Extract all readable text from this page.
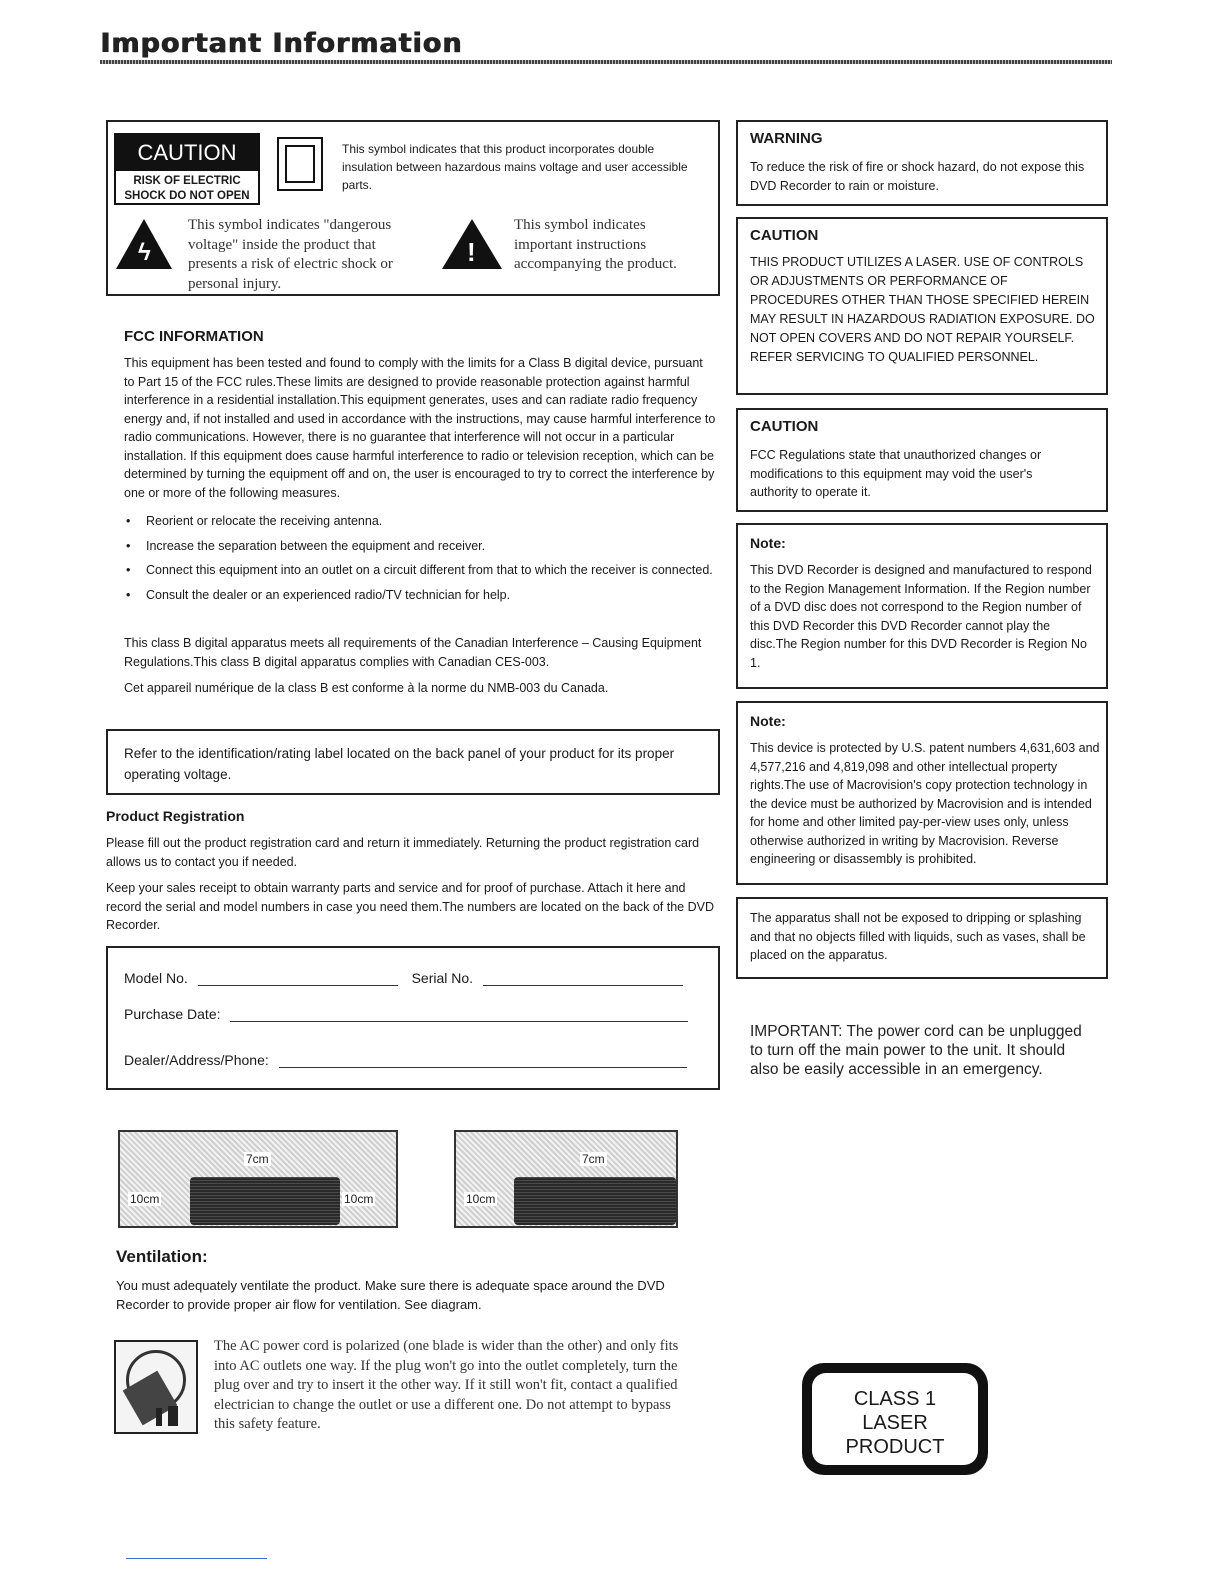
Important Information
CAUTION
RISK OF ELECTRIC
SHOCK DO NOT OPEN
This symbol indicates that this product incorporates double insulation between hazardous mains voltage and user accessible parts.
ϟ
This symbol indicates "dangerous voltage" inside the product that presents a risk of electric shock or personal injury.
!
This symbol indicates important instructions accompanying the product.
FCC INFORMATION
This equipment has been tested and found to comply with the limits for a Class B digital device, pursuant to Part 15 of the FCC rules.These limits are designed to provide reasonable protection against harmful interference in a residential installation.This equipment generates, uses and can radiate radio frequency energy and, if not installed and used in accordance with the instructions, may cause harmful interference to radio communications. However, there is no guarantee that interference will not occur in a particular installation. If this equipment does cause harmful interference to radio or television reception, which can be determined by turning the equipment off and on, the user is encouraged to try to correct the interference by one or more of the following measures.
• Reorient or relocate the receiving antenna.
• Increase the separation between the equipment and receiver.
• Connect this equipment into an outlet on a circuit different from that to which the receiver is connected.
• Consult the dealer or an experienced radio/TV technician for help.
This class B digital apparatus meets all requirements of the Canadian Interference – Causing Equipment Regulations.This class B digital apparatus complies with Canadian CES-003.
Cet appareil numérique de la class B est conforme à la norme du NMB-003 du Canada.
Refer to the identification/rating label located on the back panel of your product for its proper operating voltage.
Product Registration
Please fill out the product registration card and return it immediately. Returning the product registration card allows us to contact you if needed.
Keep your sales receipt to obtain warranty parts and service and for proof of purchase. Attach it here and record the serial and model numbers in case you need them.The numbers are located on the back of the DVD Recorder.
Model No.	Serial No.
Purchase Date:
Dealer/Address/Phone:
7cm
10cm	10cm
7cm
10cm
Ventilation:
You must adequately ventilate the product. Make sure there is adequate space around the DVD Recorder to provide proper air flow for ventilation. See diagram.
The AC power cord is polarized (one blade is wider than the other) and only fits into AC outlets one way. If the plug won't go into the outlet completely, turn the plug over and try to insert it the other way. If it still won't fit, contact a qualified electrician to change the outlet or use a different one. Do not attempt to bypass this safety feature.
WARNING
To reduce the risk of fire or shock hazard, do not expose this DVD Recorder to rain or moisture.
CAUTION
THIS PRODUCT UTILIZES A LASER. USE OF CONTROLS OR ADJUSTMENTS OR PERFORMANCE OF PROCEDURES OTHER THAN THOSE SPECIFIED HEREIN MAY RESULT IN HAZARDOUS RADIATION EXPOSURE. DO NOT OPEN COVERS AND DO NOT REPAIR YOURSELF. REFER SERVICING TO QUALIFIED PERSONNEL.
CAUTION
FCC Regulations state that unauthorized changes or modifications to this equipment may void the user's authority to operate it.
Note:
This DVD Recorder is designed and manufactured to respond to the Region Management Information. If the Region number of a DVD disc does not correspond to the Region number of this DVD Recorder this DVD Recorder cannot play the disc.The Region number for this DVD Recorder is Region No 1.
Note:
This device is protected by U.S. patent numbers 4,631,603 and 4,577,216 and 4,819,098 and other intellectual property rights.The use of Macrovision's copy protection technology in the device must be authorized by Macrovision and is intended for home and other limited pay-per-view uses only, unless otherwise authorized in writing by Macrovision. Reverse engineering or disassembly is prohibited.
The apparatus shall not be exposed to dripping or splashing and that no objects filled with liquids, such as vases, shall be placed on the apparatus.
IMPORTANT: The power cord can be unplugged to turn off the main power to the unit. It should also be easily accessible in an emergency.
CLASS 1
LASER
PRODUCT
